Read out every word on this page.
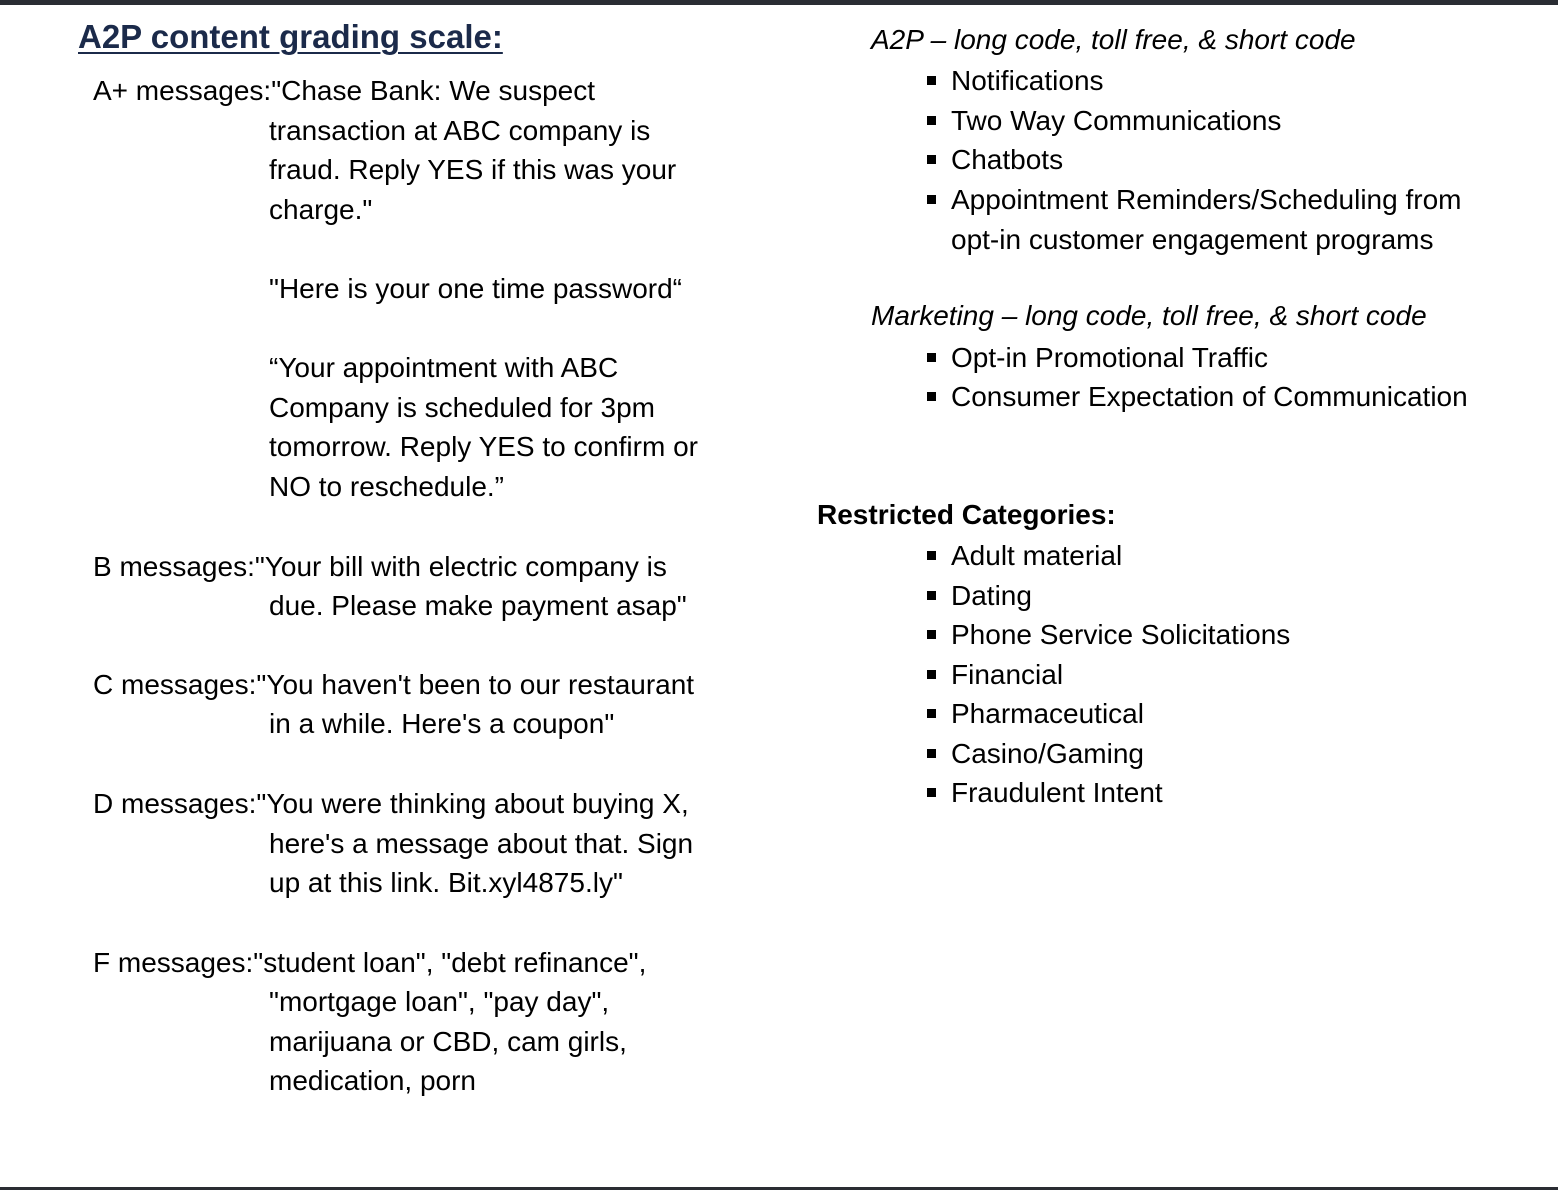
A2P content grading scale:
A+ messages:"Chase Bank: We suspect
transaction at ABC company is
fraud. Reply YES if this was your
charge."
"Here is your one time password“
“Your appointment with ABC
Company is scheduled for 3pm
tomorrow. Reply YES to confirm or
NO to reschedule.”
B messages:"Your bill with electric company is
due. Please make payment asap"
C messages:"You haven't been to our restaurant
in a while. Here's a coupon"
D messages:"You were thinking about buying X,
here's a message about that. Sign
up at this link. Bit.xyl4875.ly"
F messages:"student loan", "debt refinance",
"mortgage loan", "pay day",
marijuana or CBD, cam girls,
medication, porn
A2P – long code, toll free, & short code
Notifications
Two Way Communications
Chatbots
Appointment Reminders/Scheduling from
opt-in customer engagement programs
Marketing – long code, toll free, & short code
Opt-in Promotional Traffic
Consumer Expectation of Communication
Restricted Categories:
Adult material
Dating
Phone Service Solicitations
Financial
Pharmaceutical
Casino/Gaming
Fraudulent Intent
